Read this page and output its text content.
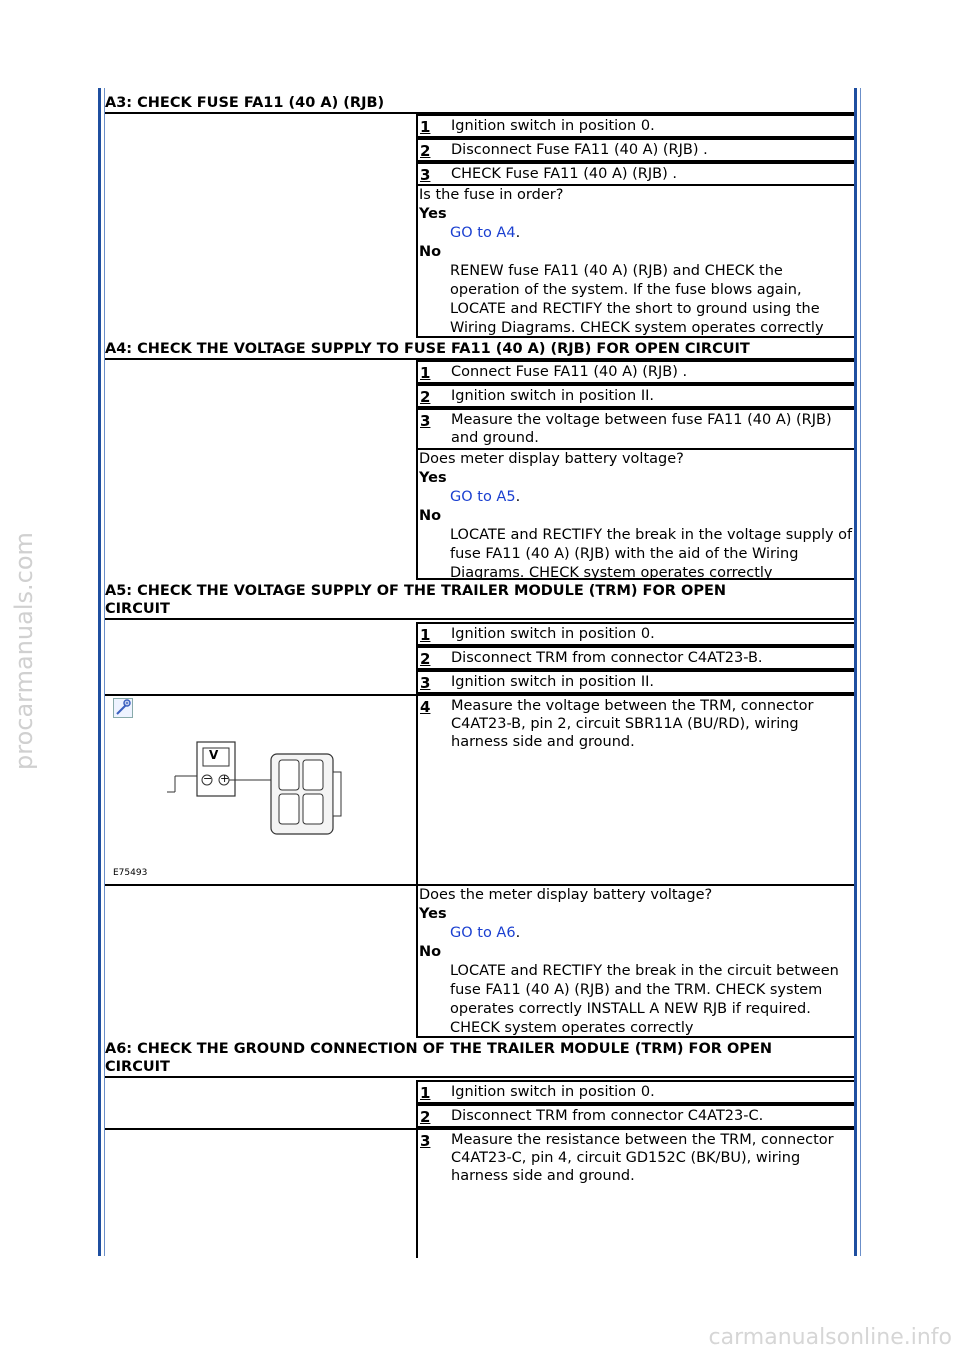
procarmanuals.com
carmanualsonline.info
A3: CHECK FUSE FA11 (40 A) (RJB)
1 Ignition switch in position 0.
2 Disconnect Fuse FA11 (40 A) (RJB) .
3 CHECK Fuse FA11 (40 A) (RJB) .
Is the fuse in order?
Yes
GO to A4.
No
RENEW fuse FA11 (40 A) (RJB) and CHECK the operation of the system. If the fuse blows again, LOCATE and RECTIFY the short to ground using the Wiring Diagrams. CHECK system operates correctly
A4: CHECK THE VOLTAGE SUPPLY TO FUSE FA11 (40 A) (RJB) FOR OPEN CIRCUIT
1 Connect Fuse FA11 (40 A) (RJB) .
2 Ignition switch in position II.
3 Measure the voltage between fuse FA11 (40 A) (RJB) and ground.
Does meter display battery voltage?
Yes
GO to A5.
No
LOCATE and RECTIFY the break in the voltage supply of fuse FA11 (40 A) (RJB) with the aid of the Wiring Diagrams. CHECK system operates correctly
A5: CHECK THE VOLTAGE SUPPLY OF THE TRAILER MODULE (TRM) FOR OPEN
CIRCUIT
1 Ignition switch in position 0.
2 Disconnect TRM from connector C4AT23-B.
3 Ignition switch in position II.
4 Measure the voltage between the TRM, connector C4AT23-B, pin 2, circuit SBR11A (BU/RD), wiring harness side and ground.
V
− +
E75493
Does the meter display battery voltage?
Yes
GO to A6.
No
LOCATE and RECTIFY the break in the circuit between fuse FA11 (40 A) (RJB) and the TRM. CHECK system operates correctly INSTALL A NEW RJB if required. CHECK system operates correctly
A6: CHECK THE GROUND CONNECTION OF THE TRAILER MODULE (TRM) FOR OPEN
CIRCUIT
1 Ignition switch in position 0.
2 Disconnect TRM from connector C4AT23-C.
3 Measure the resistance between the TRM, connector C4AT23-C, pin 4, circuit GD152C (BK/BU), wiring harness side and ground.
